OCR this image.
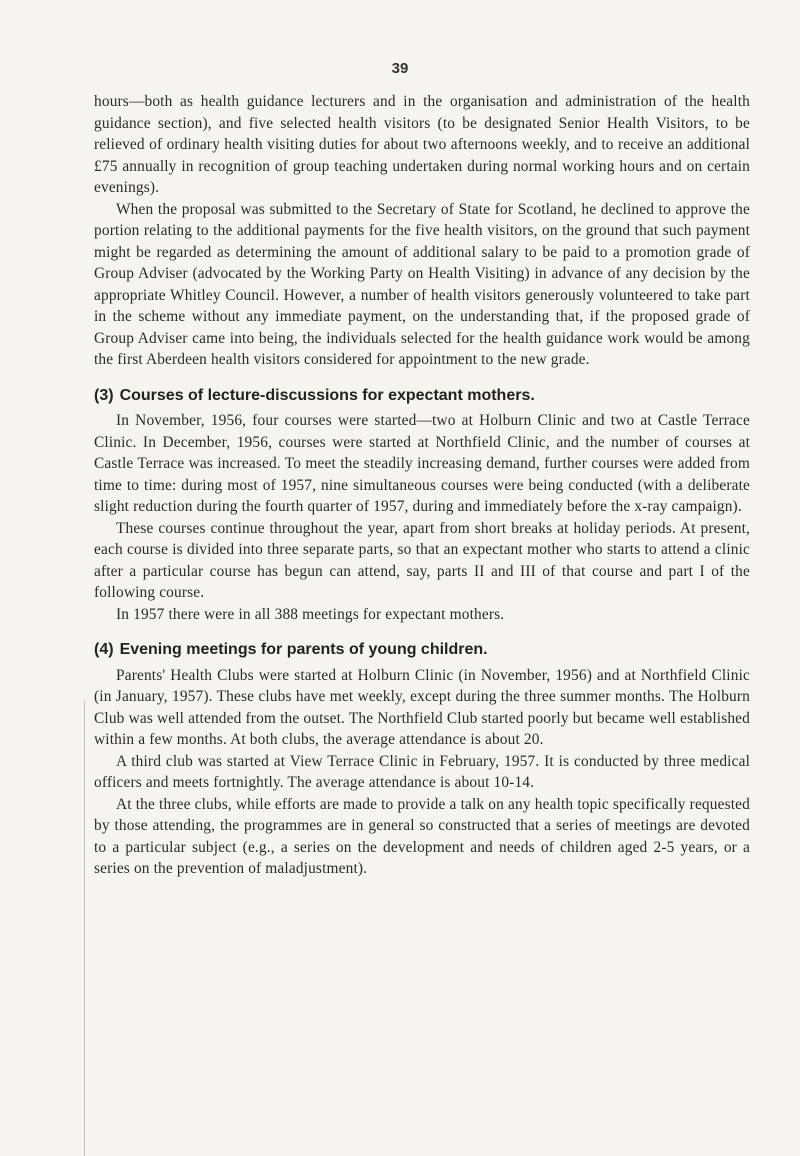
39

hours—both as health guidance lecturers and in the organisation and administration of the health guidance section), and five selected health visitors (to be designated Senior Health Visitors, to be relieved of ordinary health visiting duties for about two afternoons weekly, and to receive an additional £75 annually in recognition of group teaching undertaken during normal working hours and on certain evenings).

When the proposal was submitted to the Secretary of State for Scotland, he declined to approve the portion relating to the additional payments for the five health visitors, on the ground that such payment might be regarded as determining the amount of additional salary to be paid to a promotion grade of Group Adviser (advocated by the Working Party on Health Visiting) in advance of any decision by the appropriate Whitley Council. However, a number of health visitors generously volunteered to take part in the scheme without any immediate payment, on the understanding that, if the proposed grade of Group Adviser came into being, the individuals selected for the health guidance work would be among the first Aberdeen health visitors considered for appointment to the new grade.

(3) Courses of lecture-discussions for expectant mothers.

In November, 1956, four courses were started—two at Holburn Clinic and two at Castle Terrace Clinic. In December, 1956, courses were started at Northfield Clinic, and the number of courses at Castle Terrace was increased. To meet the steadily increasing demand, further courses were added from time to time: during most of 1957, nine simultaneous courses were being conducted (with a deliberate slight reduction during the fourth quarter of 1957, during and immediately before the x-ray campaign).

These courses continue throughout the year, apart from short breaks at holiday periods. At present, each course is divided into three separate parts, so that an expectant mother who starts to attend a clinic after a particular course has begun can attend, say, parts II and III of that course and part I of the following course.

In 1957 there were in all 388 meetings for expectant mothers.

(4) Evening meetings for parents of young children.

Parents' Health Clubs were started at Holburn Clinic (in November, 1956) and at Northfield Clinic (in January, 1957). These clubs have met weekly, except during the three summer months. The Holburn Club was well attended from the outset. The Northfield Club started poorly but became well established within a few months. At both clubs, the average attendance is about 20.

A third club was started at View Terrace Clinic in February, 1957. It is conducted by three medical officers and meets fortnightly. The average attendance is about 10-14.

At the three clubs, while efforts are made to provide a talk on any health topic specifically requested by those attending, the programmes are in general so constructed that a series of meetings are devoted to a particular subject (e.g., a series on the development and needs of children aged 2-5 years, or a series on the prevention of maladjustment).
